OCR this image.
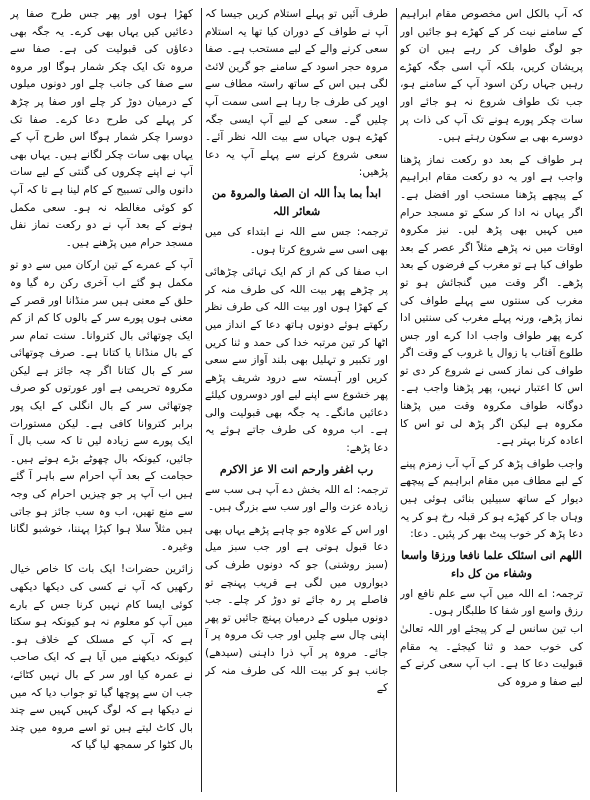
کہ آپ بالکل اس مخصوص مقام ابراہیم کے سامنے نیت کر کے کھڑے ہو جائیں اور جو لوگ طواف کر رہے ہیں ان کو پریشان کریں، بلکہ آپ اسی جگہ کھڑے رہیں جہاں رکن اسود آپ کے سامنے ہو، جب تک طواف شروع نہ ہو جائے اور سات چکر پورے ہونے تک آپ کی ذات پر دوسرے بھی بے سکون رہتے ہیں۔

ہر طواف کے بعد دو رکعت نماز پڑھنا واجب ہے اور یہ دو رکعت مقام ابراہیم کے پیچھے پڑھنا مستحب اور افضل ہے۔ اگر یہاں نہ ادا کر سکے تو مسجد حرام میں کہیں بھی پڑھ لیں۔ نیز مکروہ اوقات میں نہ پڑھے مثلاً اگر عصر کے بعد طواف کیا ہے تو مغرب کے فرضوں کے بعد پڑھے۔ اگر وقت میں گنجائش ہو تو مغرب کی سنتوں سے پہلے طواف کی نماز پڑھے، ورنہ پہلے مغرب کی سنتیں ادا کرے پھر طواف واجب ادا کرے اور جس طلوع آفتاب یا زوال یا غروب کے وقت اگر طواف کی نماز کسی نے شروع کر دی تو اس کا اعتبار نہیں، پھر پڑھنا واجب ہے۔ دوگانہ طواف مکروہ وقت میں پڑھنا مکروہ ہے لیکن اگر پڑھ لی تو اس کا اعادہ کرنا بہتر ہے۔

واجب طواف پڑھ کر کے آپ آب زمزم پینے کے لیے مطاف میں مقام ابراہیم کے پیچھے دیوار کے ساتھ سبیلیں بنائی ہوئی ہیں وہاں جا کر کھڑے ہو کر قبلہ رخ ہو کر یہ دعا پڑھ کر خوب پیٹ بھر کر پئیں۔ دعا:

اللھم انی اسئلک علما نافعا ورزقا واسعا وشفاء من کل داء

ترجمہ: اے اللہ میں آپ سے علم نافع اور رزق واسع اور شفا کا طلبگار ہوں۔

اب تین سانس لے کر پیجئے اور اللہ تعالیٰ کی خوب حمد و ثنا کیجئے۔ یہ مقام قبولیت دعا کا ہے۔ اب آپ سعی کرنے کے لیے صفا و مروہ کی

طرف آئیں تو پہلے استلام کریں جیسا کہ آپ نے طواف کے دوران کیا تھا یہ استلام سعی کرنے والے کے لیے مستحب ہے۔ صفا مروہ حجر اسود کے سامنے جو گرین لائٹ لگی ہیں اس کے ساتھ راستہ مطاف سے اوپر کی طرف جا رہا ہے اسی سمت آپ چلیں گے۔ سعی کے لیے آپ ایسی جگہ کھڑے ہوں جہاں سے بیت اللہ نظر آئے۔ سعی شروع کرنے سے پہلے آپ یہ دعا پڑھیں:

ابدأ بما بدأ اللہ ان الصفا والمروۃ من شعائر اللہ

ترجمہ: جس سے اللہ نے ابتداء کی میں بھی اسی سے شروع کرتا ہوں۔

اب صفا کی کم از کم ایک تہائی چڑھائی پر چڑھے پھر بیت اللہ کی طرف منہ کر کے کھڑا ہوں اور بیت اللہ کی طرف نظر رکھتے ہوئے دونوں ہاتھ دعا کے انداز میں اٹھا کر تین مرتبہ خدا کی حمد و ثنا کریں اور تکبیر و تہلیل بھی بلند آواز سے سعی کریں اور آہستہ سے درود شریف پڑھے پھر خشوع سے اپنے لیے اور دوسروں کیلئے دعائیں مانگے۔ یہ جگہ بھی قبولیت والی ہے۔ اب مروہ کی طرف جاتے ہوئے یہ دعا پڑھے:

رب اغفر وارحم انت الا عز الاکرم

ترجمہ: اے اللہ بخش دے آپ ہی سب سے زیادہ عزت والے اور سب سے بزرگ ہیں۔

اور اس کے علاوہ جو چاہے پڑھے یہاں بھی دعا قبول ہوتی ہے اور جب سبز میل (سبز روشنی) جو کہ دونوں طرف کی دیواروں میں لگی ہے قریب پہنچے تو فاصلے پر رہ جائے تو دوڑ کر چلے۔ جب دونوں میلوں کے درمیان پہنچ جائیں تو پھر اپنی چال سے چلیں اور جب تک مروہ پر آ جائے۔ مروہ پر آپ ذرا داہنی (سیدھے) جانب ہو کر بیت اللہ کی طرف منہ کر کے

کھڑا ہوں اور پھر جس طرح صفا پر دعائیں کیں یہاں بھی کرے۔ یہ جگہ بھی دعاؤں کی قبولیت کی ہے۔ صفا سے مروہ تک ایک چکر شمار ہوگا اور مروہ سے صفا کی جانب چلے اور دونوں میلوں کے درمیان دوڑ کر چلے اور صفا پر چڑھ کر پہلے کی طرح دعا کرے۔ صفا تک دوسرا چکر شمار ہوگا اس طرح آپ کے یہاں بھی سات چکر لگانے ہیں۔ یہاں بھی آپ نے اپنے چکروں کی گنتی کے لیے سات دانوں والی تسبیح کے کام لینا ہے تا کہ آپ کو کوئی مغالطہ نہ ہو۔ سعی مکمل ہونے کے بعد آپ نے دو رکعت نماز نفل مسجد حرام میں پڑھنے ہیں۔

آپ کے عمرے کے تین ارکان میں سے دو تو مکمل ہو گئے اب آخری رکن رہ گیا وہ حلق کے معنی ہیں سر منڈانا اور قصر کے معنی ہوں پورے سر کے بالوں کا کم از کم ایک چوتھائی بال کتروانا۔ سنت تمام سر کے بال منڈانا یا کتانا ہے۔ صرف چوتھائی سر کے بال کتانا اگر چہ جائز ہے لیکن مکروہ تحریمی ہے اور عورتوں کو صرف چوتھائی سر کے بال انگلی کے ایک پور برابر کتروانا کافی ہے۔ لیکن مستورات ایک پورے سے زیادہ لیں تا کہ سب بال آ جائیں، کیونکہ بال چھوٹے بڑے ہوتے ہیں۔ حجامت کے بعد آپ احرام سے باہر آ گئے ہیں اب آپ پر جو چیزیں احرام کی وجہ سے منع تھیں، اب وہ سب جائز ہو جاتی ہیں مثلاً سلا ہوا کپڑا پہننا، خوشبو لگانا وغیرہ۔

زائرین حضرات! ایک بات کا خاص خیال رکھیں کہ آپ نے کسی کی دیکھا دیکھی کوئی ایسا کام نہیں کرنا جس کے بارے میں آپ کو معلوم نہ ہو کیونکہ ہو سکتا ہے کہ آپ کے مسلک کے خلاف ہو۔ کیونکہ دیکھنے میں آیا ہے کہ ایک صاحب نے عمرہ کیا اور سر کے بال نہیں کٹائے، جب ان سے پوچھا گیا تو جواب دیا کہ میں نے دیکھا ہے کہ لوگ کہیں کہیں سے چند بال کاٹ لیتے ہیں تو اسے مروہ میں چند بال کٹوا کر سمجھ لیا گیا کہ
